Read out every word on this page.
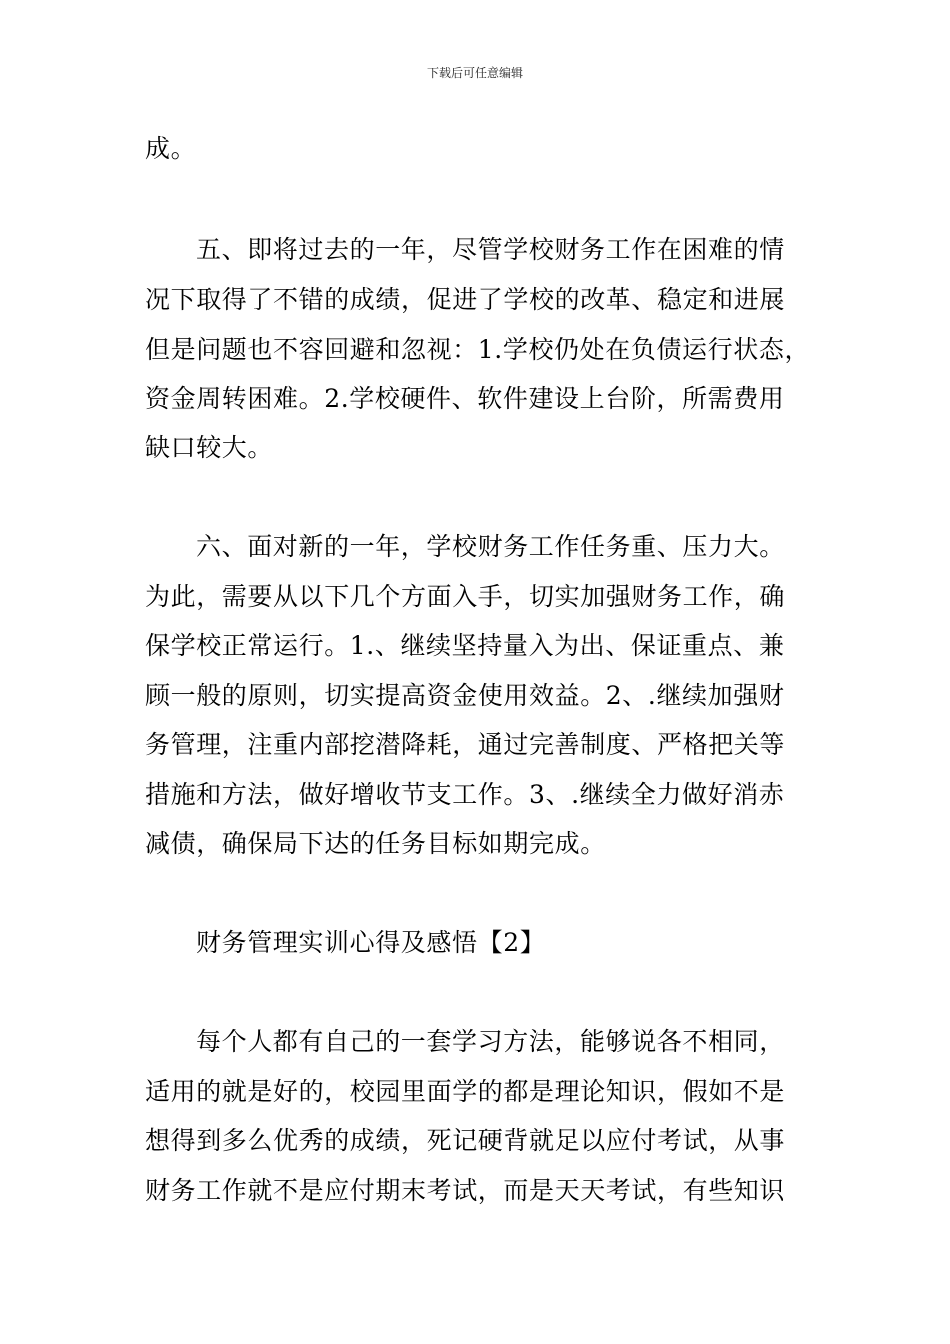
下载后可任意编辑
成。
五、即将过去的一年，尽管学校财务工作在困难的情
况下取得了不错的成绩，促进了学校的改革、稳定和进展
但是问题也不容回避和忽视：1.学校仍处在负债运行状态，
资金周转困难。2.学校硬件、软件建设上台阶，所需费用
缺口较大。
六、面对新的一年，学校财务工作任务重、压力大。
为此，需要从以下几个方面入手，切实加强财务工作，确
保学校正常运行。1.、继续坚持量入为出、保证重点、兼
顾一般的原则，切实提高资金使用效益。2、.继续加强财
务管理，注重内部挖潜降耗，通过完善制度、严格把关等
措施和方法，做好增收节支工作。3、.继续全力做好消赤
减债，确保局下达的任务目标如期完成。
财务管理实训心得及感悟【2】
每个人都有自己的一套学习方法，能够说各不相同，
适用的就是好的，校园里面学的都是理论知识，假如不是
想得到多么优秀的成绩，死记硬背就足以应付考试，从事
财务工作就不是应付期末考试，而是天天考试，有些知识
